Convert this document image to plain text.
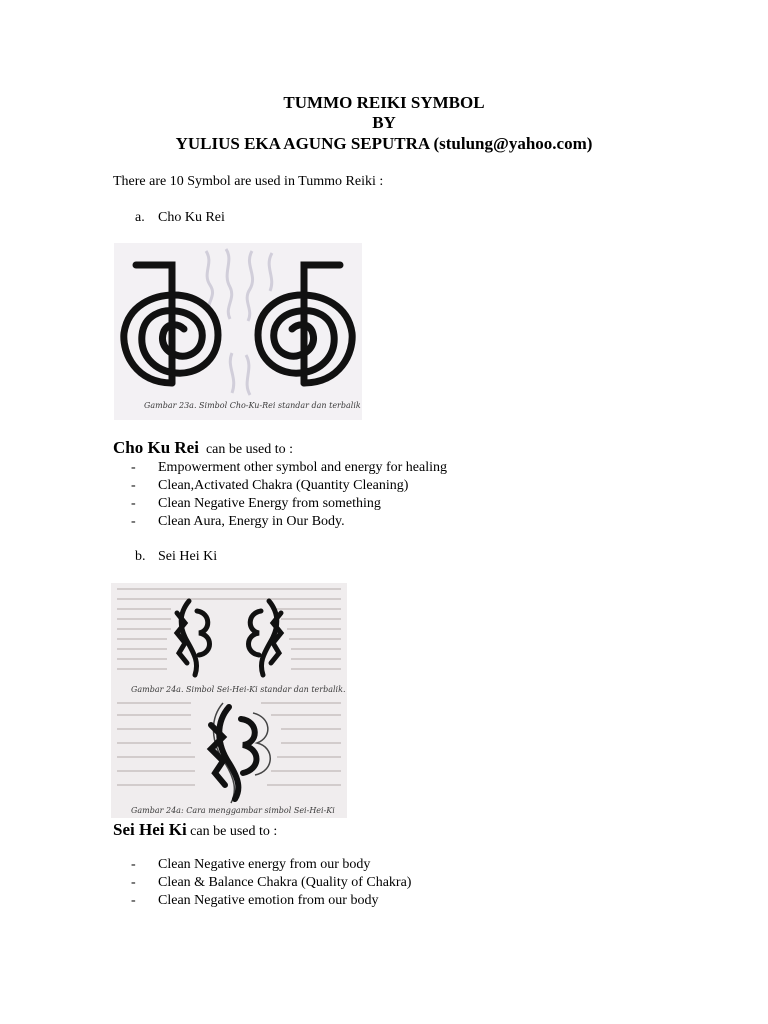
TUMMO REIKI SYMBOL
BY
YULIUS EKA AGUNG SEPUTRA (stulung@yahoo.com)
There are 10 Symbol are used in Tummo Reiki :
a. Cho Ku Rei
Gambar 23a. Simbol Cho-Ku-Rei standar dan terbalik
Cho Ku Rei can be used to :
- Empowerment other symbol and energy for healing
- Clean,Activated Chakra (Quantity Cleaning)
- Clean Negative Energy from something
- Clean Aura, Energy in Our Body.
b. Sei Hei Ki
Gambar 24a. Simbol Sei-Hei-Ki standar dan terbalik.
Gambar 24a: Cara menggambar simbol Sei-Hei-Ki
Sei Hei Ki can be used to :
- Clean Negative energy from our body
- Clean & Balance Chakra (Quality of Chakra)
- Clean Negative emotion from our body
